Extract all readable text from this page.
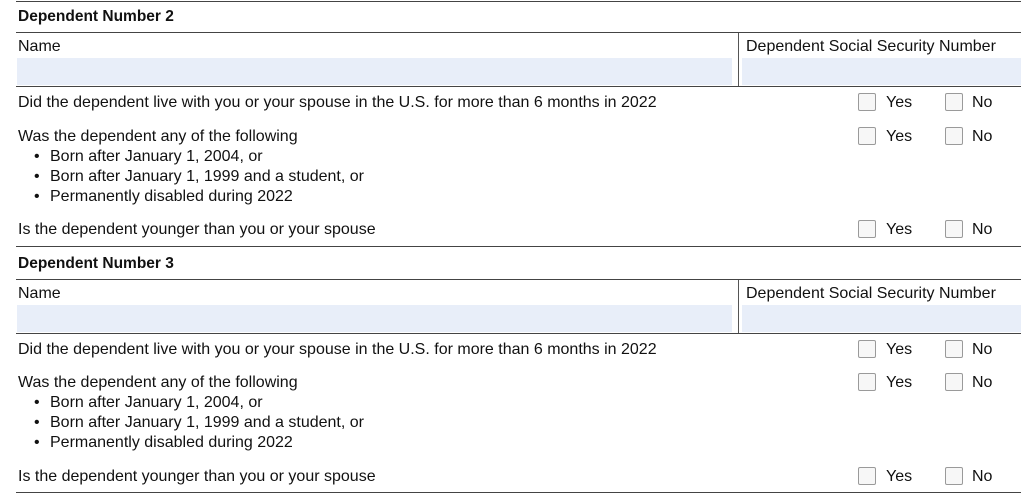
Dependent Number 2
Name	Dependent Social Security Number
Did the dependent live with you or your spouse in the U.S. for more than 6 months in 2022	Yes	No
Was the dependent any of the following	Yes	No
• Born after January 1, 2004, or
• Born after January 1, 1999 and a student, or
• Permanently disabled during 2022
Is the dependent younger than you or your spouse	Yes	No
Dependent Number 3
Name	Dependent Social Security Number
Did the dependent live with you or your spouse in the U.S. for more than 6 months in 2022	Yes	No
Was the dependent any of the following	Yes	No
• Born after January 1, 2004, or
• Born after January 1, 1999 and a student, or
• Permanently disabled during 2022
Is the dependent younger than you or your spouse	Yes	No
